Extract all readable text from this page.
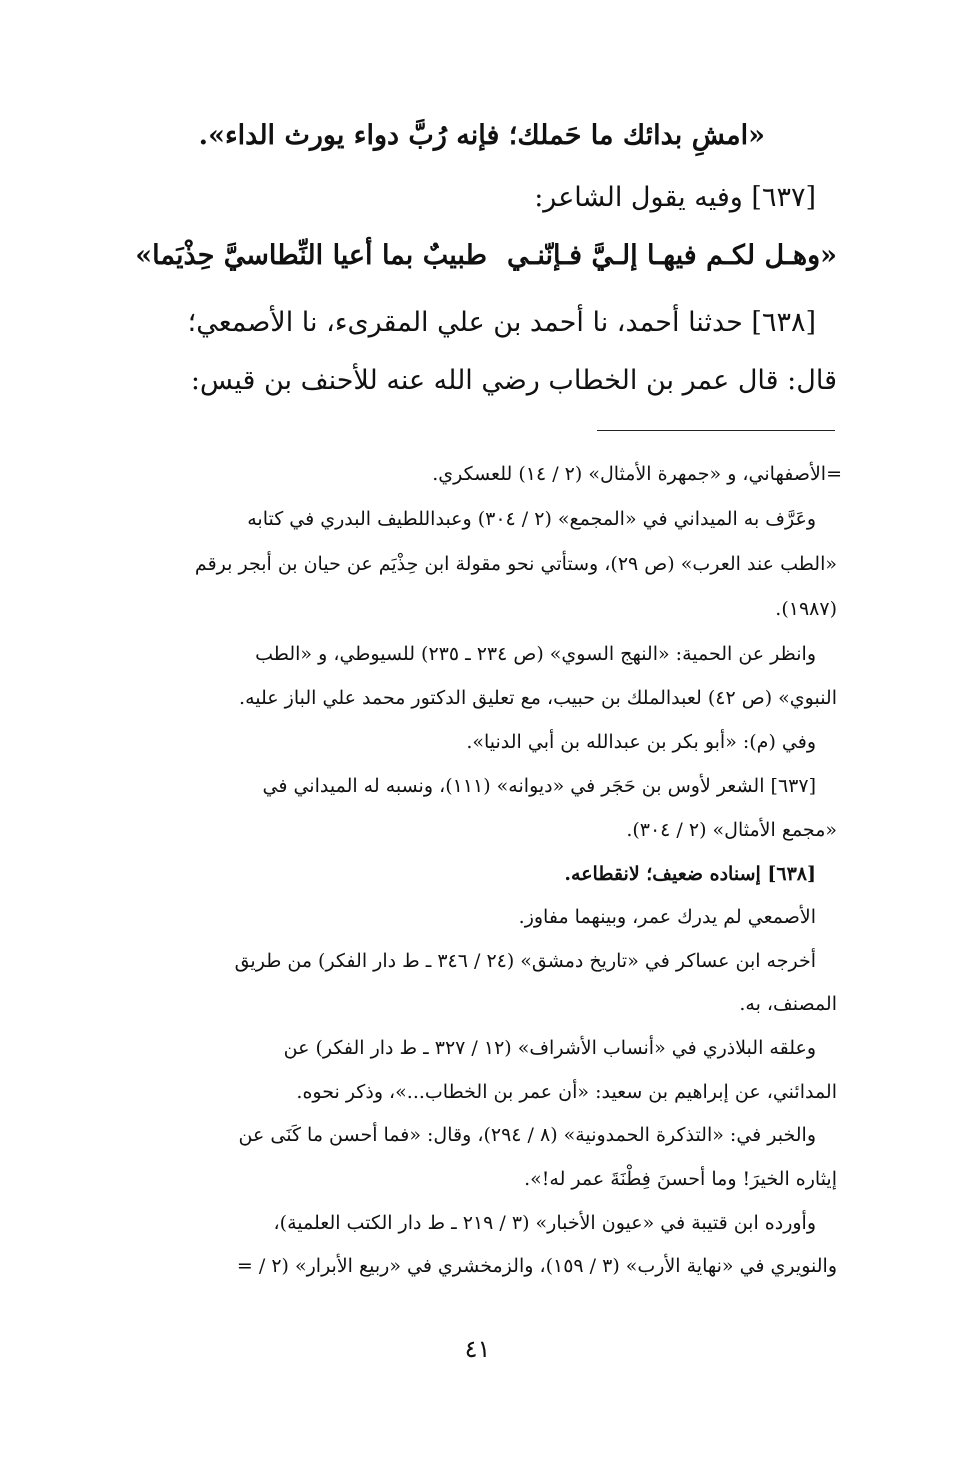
«امشِ بدائك ما حَملك؛ فإنه رُبَّ دواء يورث الداء».
[٦٣٧] وفيه يقول الشاعر:
«وهـل لكـم فيهـا إلـيَّ فـإنّنـي
طبيبٌ بما أعيا النِّطاسيَّ حِذْيَما»
[٦٣٨] حدثنا أحمد، نا أحمد بن علي المقرىء، نا الأصمعي؛
قال: قال عمر بن الخطاب رضي الله عنه للأحنف بن قيس:
=الأصفهاني، و «جمهرة الأمثال» (٢ / ١٤) للعسكري.
وعَرَّف به الميداني في «المجمع» (٢ / ٣٠٤) وعبداللطيف البدري في كتابه
«الطب عند العرب» (ص ٢٩)، وستأتي نحو مقولة ابن حِذْيَم عن حيان بن أبجر برقم
(١٩٨٧).
وانظر عن الحمية: «النهج السوي» (ص ٢٣٤ ـ ٢٣٥) للسيوطي، و «الطب
النبوي» (ص ٤٢) لعبدالملك بن حبيب، مع تعليق الدكتور محمد علي الباز عليه.
وفي (م): «أبو بكر بن عبدالله بن أبي الدنيا».
[٦٣٧] الشعر لأوس بن حَجَر في «ديوانه» (١١١)، ونسبه له الميداني في
«مجمع الأمثال» (٢ / ٣٠٤).
[٦٣٨] إسناده ضعيف؛ لانقطاعه.
الأصمعي لم يدرك عمر، وبينهما مفاوز.
أخرجه ابن عساكر في «تاريخ دمشق» (٢٤ / ٣٤٦ ـ ط دار الفكر) من طريق
المصنف، به.
وعلقه البلاذري في «أنساب الأشراف» (١٢ / ٣٢٧ ـ ط دار الفكر) عن
المدائني، عن إبراهيم بن سعيد: «أن عمر بن الخطاب...»، وذكر نحوه.
والخبر في: «التذكرة الحمدونية» (٨ / ٢٩٤)، وقال: «فما أحسن ما كَنَى عن
إيثاره الخيرَ! وما أحسنَ فِطْنَةَ عمر له!».
وأورده ابن قتيبة في «عيون الأخبار» (٣ / ٢١٩ ـ ط دار الكتب العلمية)،
والنويري في «نهاية الأرب» (٣ / ١٥٩)، والزمخشري في «ربيع الأبرار» (٢ / =
٤١
